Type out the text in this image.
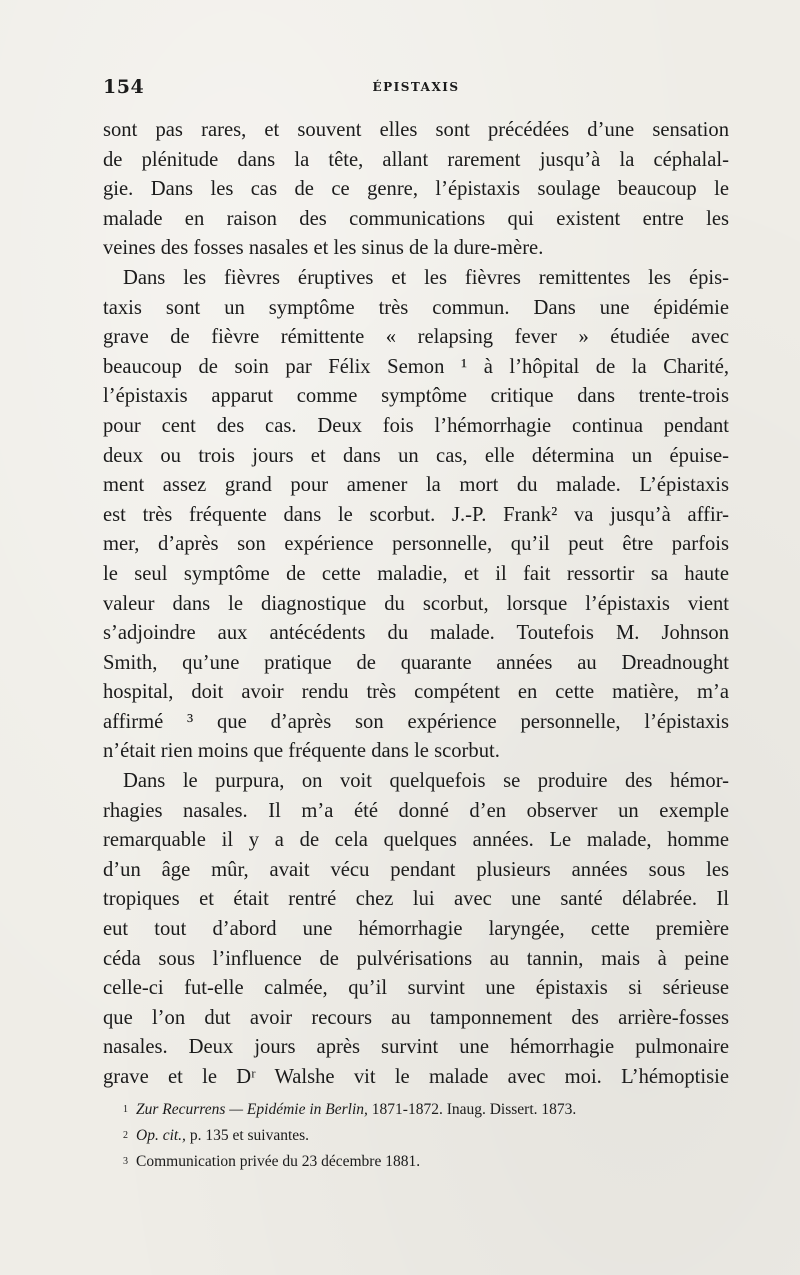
154	ÉPISTAXIS
sont pas rares, et souvent elles sont précédées d’une sensation
de plénitude dans la tête, allant rarement jusqu’à la céphalal-
gie. Dans les cas de ce genre, l’épistaxis soulage beaucoup le
malade en raison des communications qui existent entre les
veines des fosses nasales et les sinus de la dure-mère.
Dans les fièvres éruptives et les fièvres remittentes les épis-
taxis sont un symptôme très commun. Dans une épidémie
grave de fièvre rémittente « relapsing fever » étudiée avec
beaucoup de soin par Félix Semon ¹ à l’hôpital de la Charité,
l’épistaxis apparut comme symptôme critique dans trente-trois
pour cent des cas. Deux fois l’hémorrhagie continua pendant
deux ou trois jours et dans un cas, elle détermina un épuise-
ment assez grand pour amener la mort du malade. L’épistaxis
est très fréquente dans le scorbut. J.-P. Frank² va jusqu’à affir-
mer, d’après son expérience personnelle, qu’il peut être parfois
le seul symptôme de cette maladie, et il fait ressortir sa haute
valeur dans le diagnostique du scorbut, lorsque l’épistaxis vient
s’adjoindre aux antécédents du malade. Toutefois M. Johnson
Smith, qu’une pratique de quarante années au Dreadnought
hospital, doit avoir rendu très compétent en cette matière, m’a
affirmé ³ que d’après son expérience personnelle, l’épistaxis
n’était rien moins que fréquente dans le scorbut.
Dans le purpura, on voit quelquefois se produire des hémor-
rhagies nasales. Il m’a été donné d’en observer un exemple
remarquable il y a de cela quelques années. Le malade, homme
d’un âge mûr, avait vécu pendant plusieurs années sous les
tropiques et était rentré chez lui avec une santé délabrée. Il
eut tout d’abord une hémorrhagie laryngée, cette première
céda sous l’influence de pulvérisations au tannin, mais à peine
celle-ci fut-elle calmée, qu’il survint une épistaxis si sérieuse
que l’on dut avoir recours au tamponnement des arrière-fosses
nasales. Deux jours après survint une hémorrhagie pulmonaire
grave et le Dʳ Walshe vit le malade avec moi. L’hémoptisie
$^1$ Zur Recurrens — Epidémie in Berlin, 1871-1872. Inaug. Dissert. 1873.
$^2$ Op. cit., p. 135 et suivantes.
$^3$ Communication privée du 23 décembre 1881.
